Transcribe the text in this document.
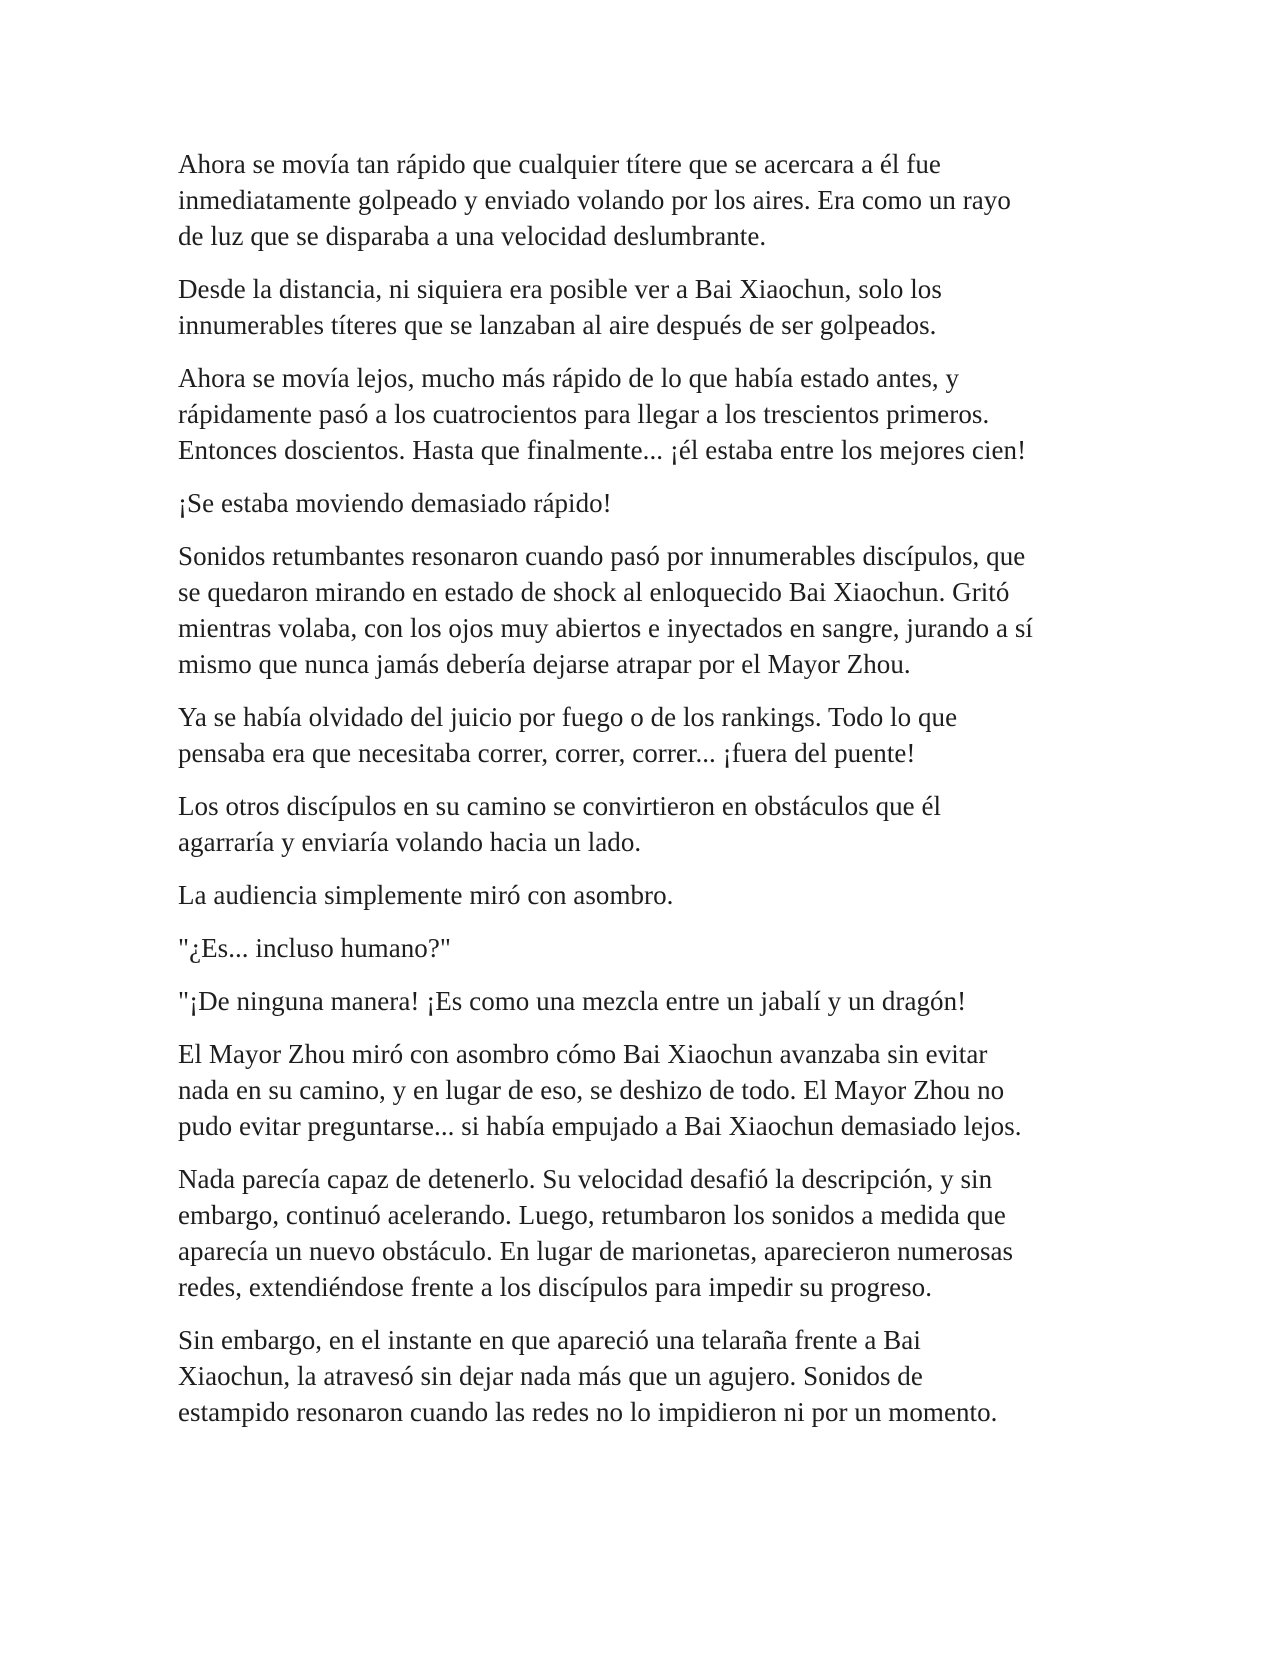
Ahora se movía tan rápido que cualquier títere que se acercara a él fue
inmediatamente golpeado y enviado volando por los aires. Era como un rayo
de luz que se disparaba a una velocidad deslumbrante.

Desde la distancia, ni siquiera era posible ver a Bai Xiaochun, solo los
innumerables títeres que se lanzaban al aire después de ser golpeados.

Ahora se movía lejos, mucho más rápido de lo que había estado antes, y
rápidamente pasó a los cuatrocientos para llegar a los trescientos primeros.
Entonces doscientos. Hasta que finalmente... ¡él estaba entre los mejores cien!

¡Se estaba moviendo demasiado rápido!

Sonidos retumbantes resonaron cuando pasó por innumerables discípulos, que
se quedaron mirando en estado de shock al enloquecido Bai Xiaochun. Gritó
mientras volaba, con los ojos muy abiertos e inyectados en sangre, jurando a sí
mismo que nunca jamás debería dejarse atrapar por el Mayor Zhou.

Ya se había olvidado del juicio por fuego o de los rankings. Todo lo que
pensaba era que necesitaba correr, correr, correr... ¡fuera del puente!

Los otros discípulos en su camino se convirtieron en obstáculos que él
agarraría y enviaría volando hacia un lado.

La audiencia simplemente miró con asombro.

"¿Es... incluso humano?"

"¡De ninguna manera! ¡Es como una mezcla entre un jabalí y un dragón!

El Mayor Zhou miró con asombro cómo Bai Xiaochun avanzaba sin evitar
nada en su camino, y en lugar de eso, se deshizo de todo. El Mayor Zhou no
pudo evitar preguntarse... si había empujado a Bai Xiaochun demasiado lejos.

Nada parecía capaz de detenerlo. Su velocidad desafió la descripción, y sin
embargo, continuó acelerando. Luego, retumbaron los sonidos a medida que
aparecía un nuevo obstáculo. En lugar de marionetas, aparecieron numerosas
redes, extendiéndose frente a los discípulos para impedir su progreso.

Sin embargo, en el instante en que apareció una telaraña frente a Bai
Xiaochun, la atravesó sin dejar nada más que un agujero. Sonidos de
estampido resonaron cuando las redes no lo impidieron ni por un momento.
